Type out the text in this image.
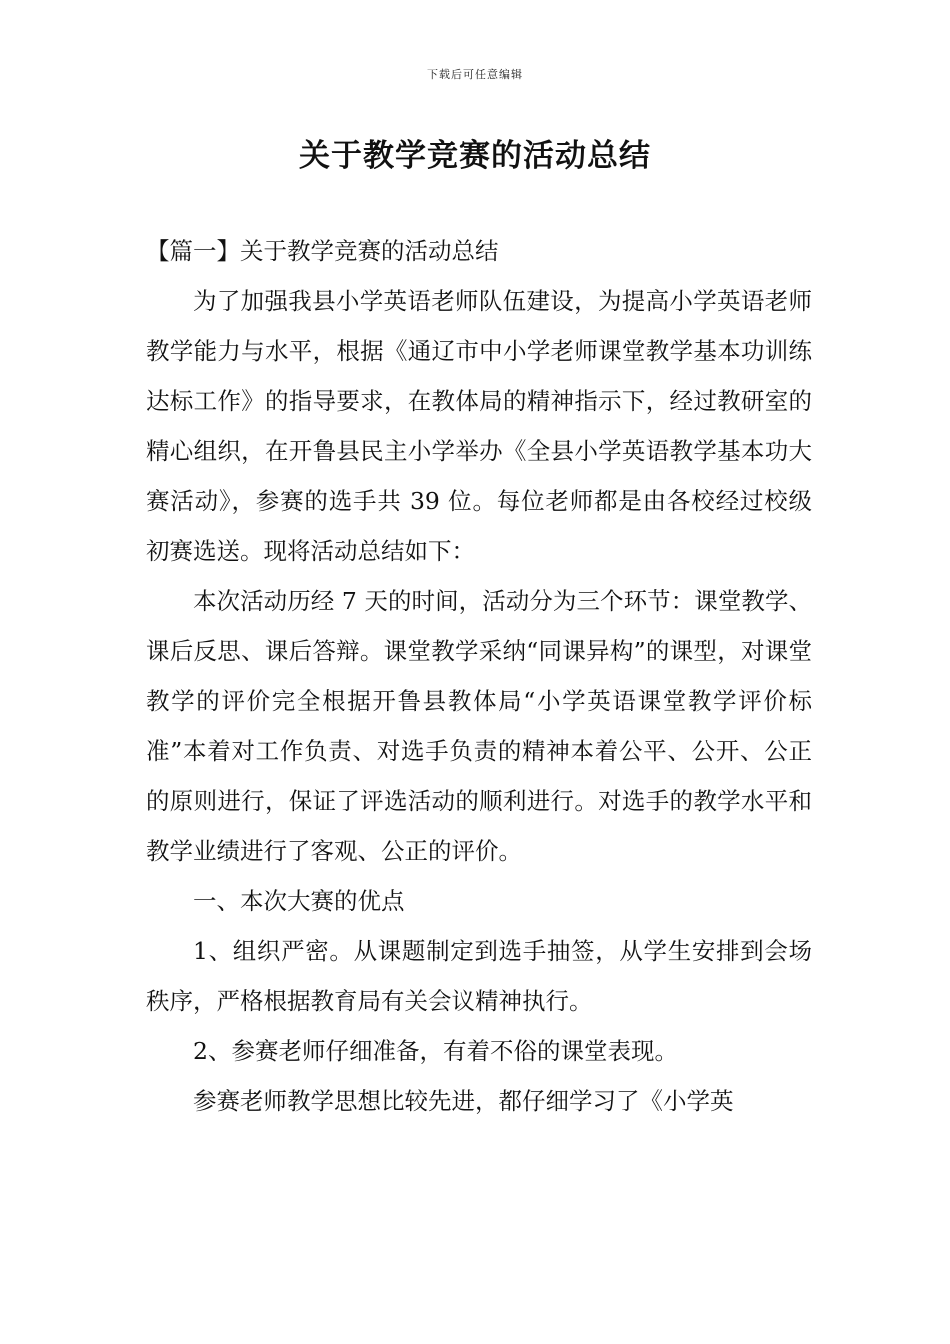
下载后可任意编辑
关于教学竞赛的活动总结

【篇一】关于教学竞赛的活动总结

为了加强我县小学英语老师队伍建设，为提高小学英语老师教学能力与水平，根据《通辽市中小学老师课堂教学基本功训练达标工作》的指导要求，在教体局的精神指示下，经过教研室的精心组织，在开鲁县民主小学举办《全县小学英语教学基本功大赛活动》，参赛的选手共 39 位。每位老师都是由各校经过校级初赛选送。现将活动总结如下：

本次活动历经 7 天的时间，活动分为三个环节：课堂教学、课后反思、课后答辩。课堂教学采纳“同课异构”的课型，对课堂教学的评价完全根据开鲁县教体局“小学英语课堂教学评价标准”本着对工作负责、对选手负责的精神本着公平、公开、公正的原则进行，保证了评选活动的顺利进行。对选手的教学水平和教学业绩进行了客观、公正的评价。

一、本次大赛的优点

1、组织严密。从课题制定到选手抽签，从学生安排到会场秩序，严格根据教育局有关会议精神执行。

2、参赛老师仔细准备，有着不俗的课堂表现。

参赛老师教学思想比较先进，都仔细学习了《小学英
